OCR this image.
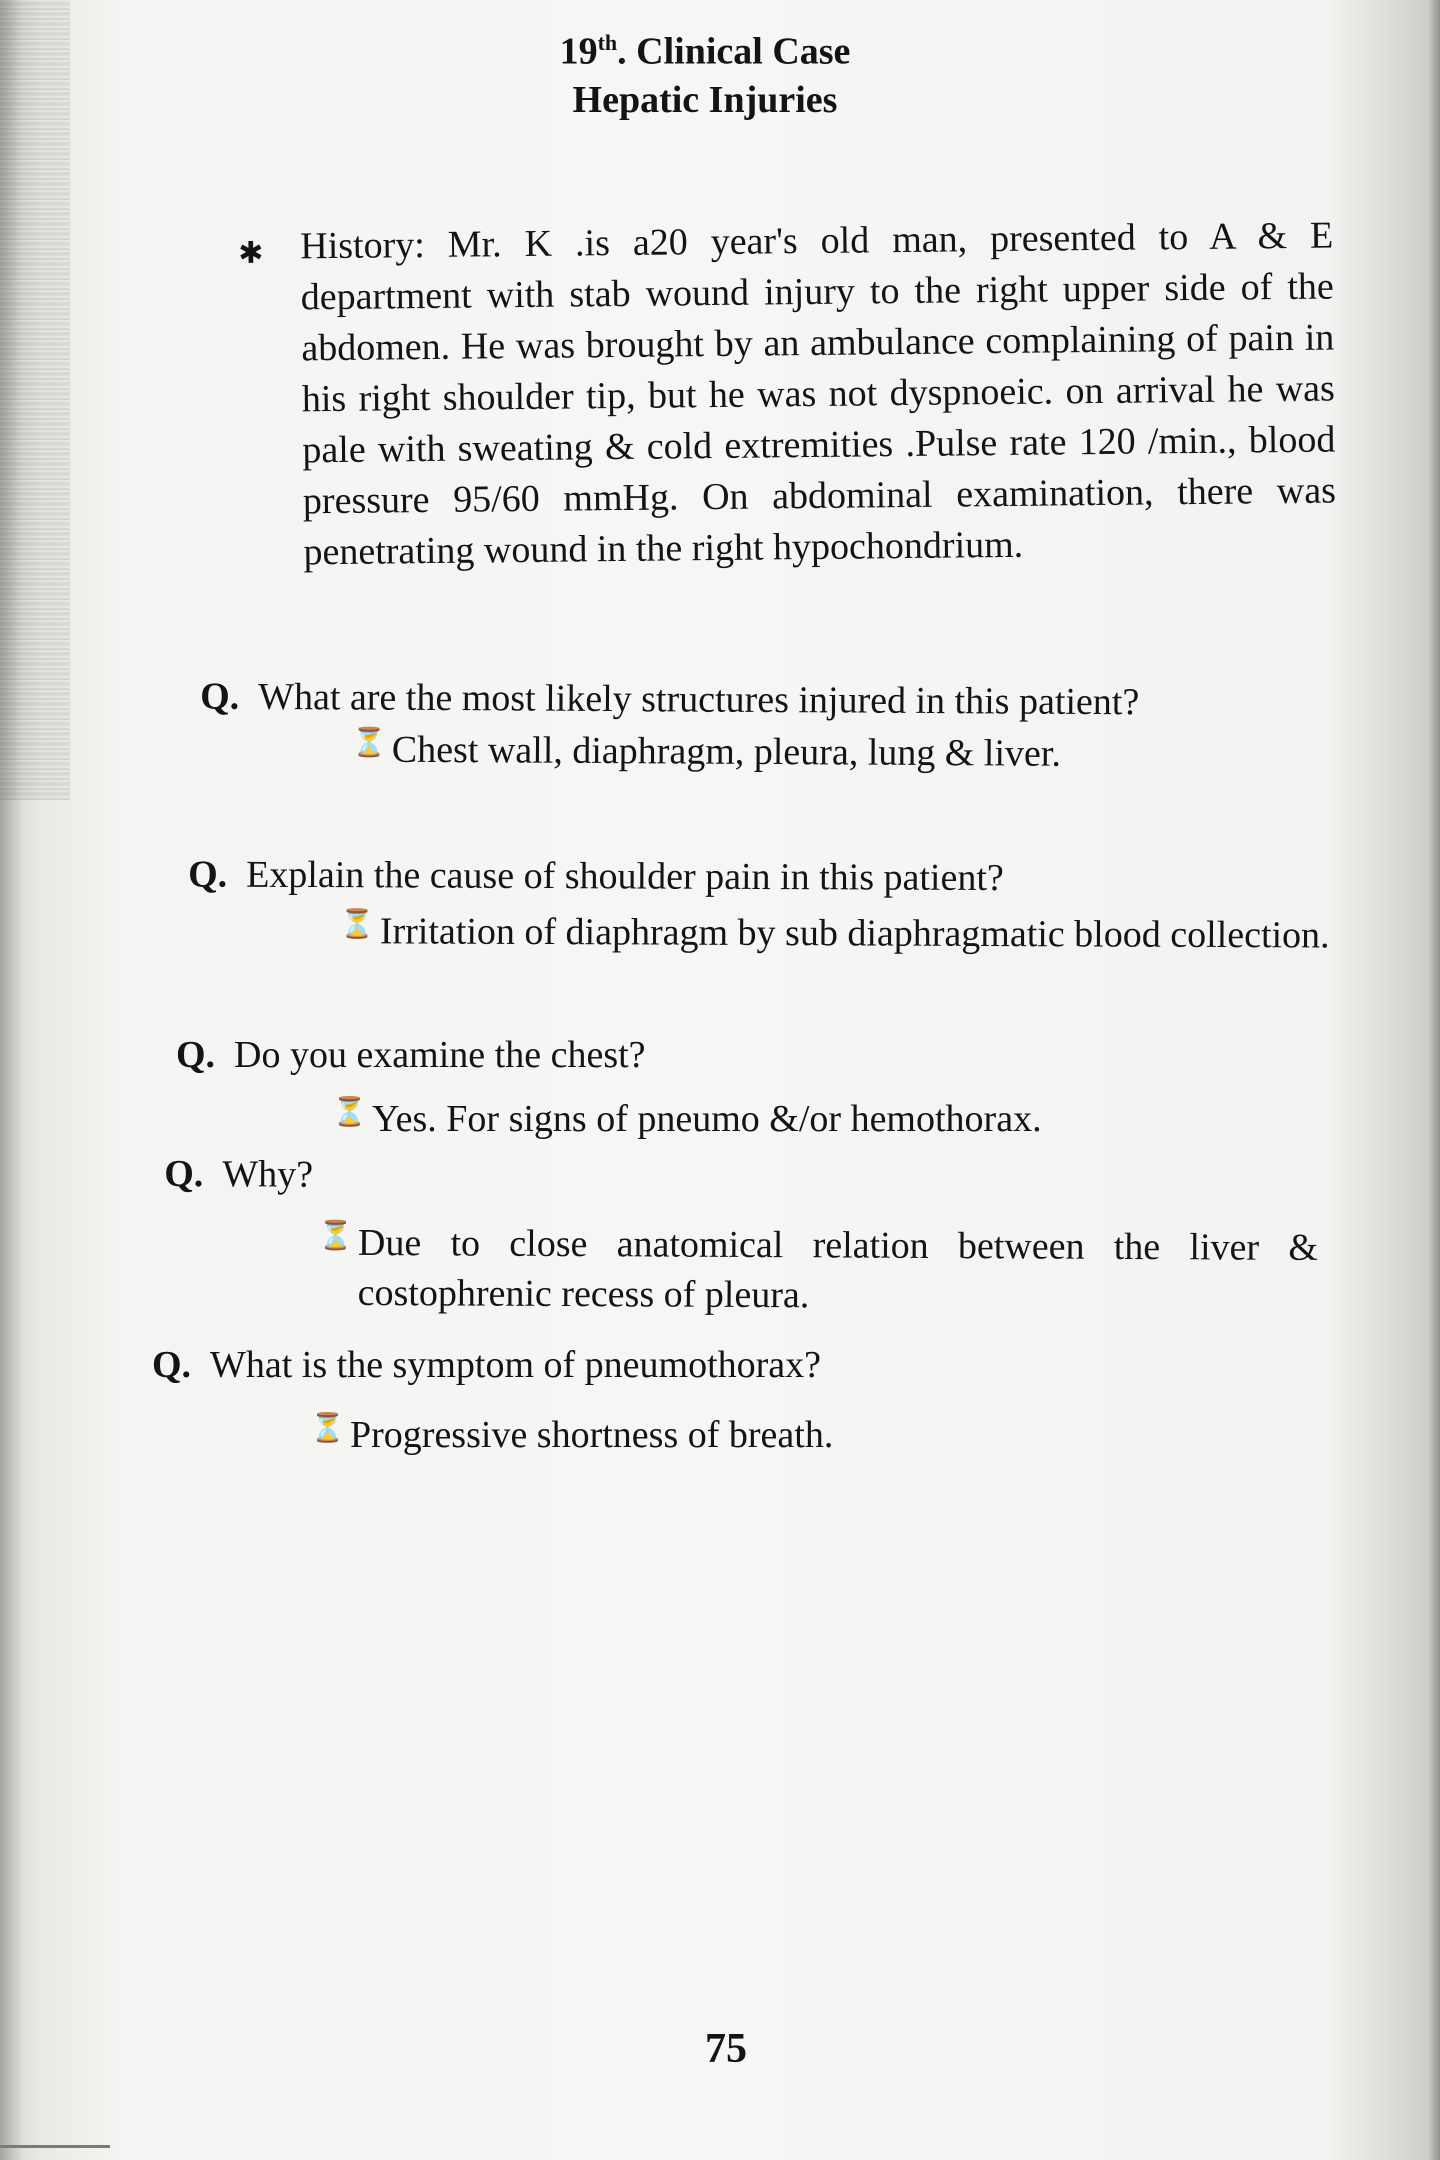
19th. Clinical Case
Hepatic Injuries
✱ History: Mr. K .is a20 year's old man, presented to A & E department with stab wound injury to the right upper side of the abdomen. He was brought by an ambulance complaining of pain in his right shoulder tip, but he was not dyspnoeic. on arrival he was pale with sweating & cold extremities .Pulse rate 120 /min., blood pressure 95/60 mmHg. On abdominal examination, there was penetrating wound in the right hypochondrium.
Q. What are the most likely structures injured in this patient?
⏳ Chest wall, diaphragm, pleura, lung & liver.
Q. Explain the cause of shoulder pain in this patient?
⏳ Irritation of diaphragm by sub diaphragmatic blood collection.
Q. Do you examine the chest?
⏳ Yes. For signs of pneumo &/or hemothorax.
Q. Why?
⏳ Due to close anatomical relation between the liver & costophrenic recess of pleura.
Q. What is the symptom of pneumothorax?
⏳ Progressive shortness of breath.
75
